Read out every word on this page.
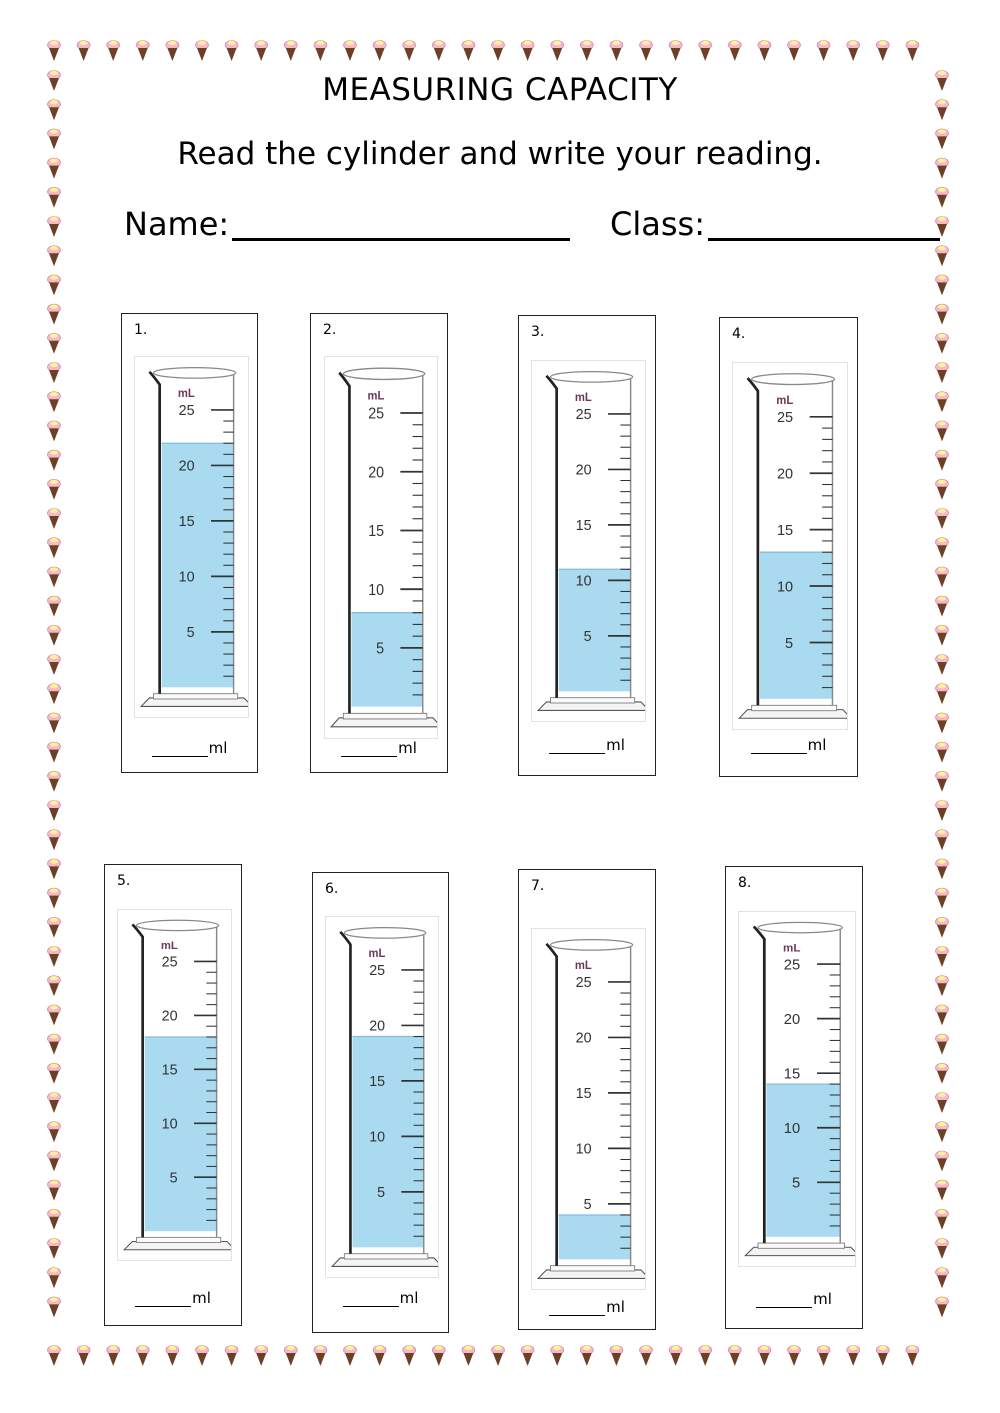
MEASURING CAPACITY
Read the cylinder and write your reading.
Name:	Class:
1.
mL
25
20
15
10
5
ml
2.
mL
25
20
15
10
5
ml
3.
mL
25
20
15
10
5
ml
4.
mL
25
20
15
10
5
ml
5.
mL
25
20
15
10
5
ml
6.
mL
25
20
15
10
5
ml
7.
mL
25
20
15
10
5
ml
8.
mL
25
20
15
10
5
ml
